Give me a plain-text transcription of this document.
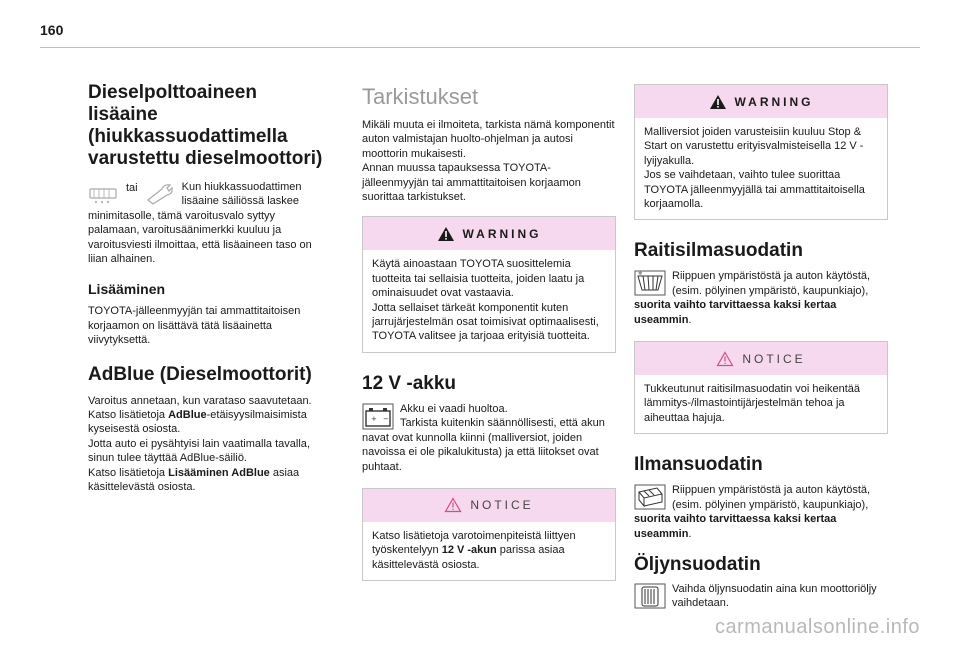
160
Dieselpolttoaineen lisäaine (hiukkassuodattimella varustettu dieselmoottori)
tai	Kun hiukkassuodattimen lisäaine säiliössä laskee

minimitasolle, tämä varoitusvalo syttyy palamaan, varoitusäänimerkki kuuluu ja varoitusviesti ilmoittaa, että lisäaineen taso on liian alhainen.

Lisääminen

TOYOTA-jälleenmyyjän tai ammattitaitoisen korjaamon on lisättävä tätä lisäainetta viivytyksettä.

AdBlue (Dieselmoottorit)

Varoitus annetaan, kun varataso saavutetaan. Katso lisätietoja AdBlue-etäisyysilmaisimista kyseisestä osiosta.
Jotta auto ei pysähtyisi lain vaatimalla tavalla, sinun tulee täyttää AdBlue-säiliö.
Katso lisätietoja Lisääminen AdBlue asiaa käsittelevästä osiosta.

Tarkistukset

Mikäli muuta ei ilmoiteta, tarkista nämä komponentit auton valmistajan huolto-ohjelman ja autosi moottorin mukaisesti.
Annan muussa tapauksessa TOYOTA-jälleenmyyjän tai ammattitaitoisen korjaamon suorittaa tarkistukset.

WARNING

Käytä ainoastaan TOYOTA suosittelemia tuotteita tai sellaisia tuotteita, joiden laatu ja ominaisuudet ovat vastaavia.
Jotta sellaiset tärkeät komponentit kuten jarrujärjestelmän osat toimisivat optimaalisesti, TOYOTA valitsee ja tarjoaa erityisiä tuotteita.

12 V -akku
+ −

Akku ei vaadi huoltoa.
Tarkista kuitenkin säännöllisesti, että akun navat ovat kunnolla kiinni (malliversiot, joiden navoissa ei ole pikalukitusta) ja että liitokset ovat puhtaat.

NOTICE

Katso lisätietoja varotoimenpiteistä liittyen työskentelyyn 12 V -akun parissa asiaa käsittelevästä osiosta.

WARNING

Malliversiot joiden varusteisiin kuuluu Stop & Start on varustettu erityisvalmisteisella 12 V -lyijyakulla.
Jos se vaihdetaan, vaihto tulee suorittaa TOYOTA jälleenmyyjällä tai ammattitaitoisella korjaamolla.

Raitisilmasuodatin
✲	Riippuen ympäristöstä ja auton käytöstä, (esim. pölyinen ympäristö, kaupunkiajo), suorita vaihto tarvittaessa kaksi kertaa useammin.

NOTICE

Tukkeutunut raitisilmasuodatin voi heikentää lämmitys-/ilmastointijärjestelmän tehoa ja aiheuttaa hajuja.

Ilmansuodatin

Riippuen ympäristöstä ja auton käytöstä, (esim. pölyinen ympäristö, kaupunkiajo), suorita vaihto tarvittaessa kaksi kertaa useammin.

Öljynsuodatin

Vaihda öljynsuodatin aina kun moottoriöljy vaihdetaan.

carmanualsonline.info
